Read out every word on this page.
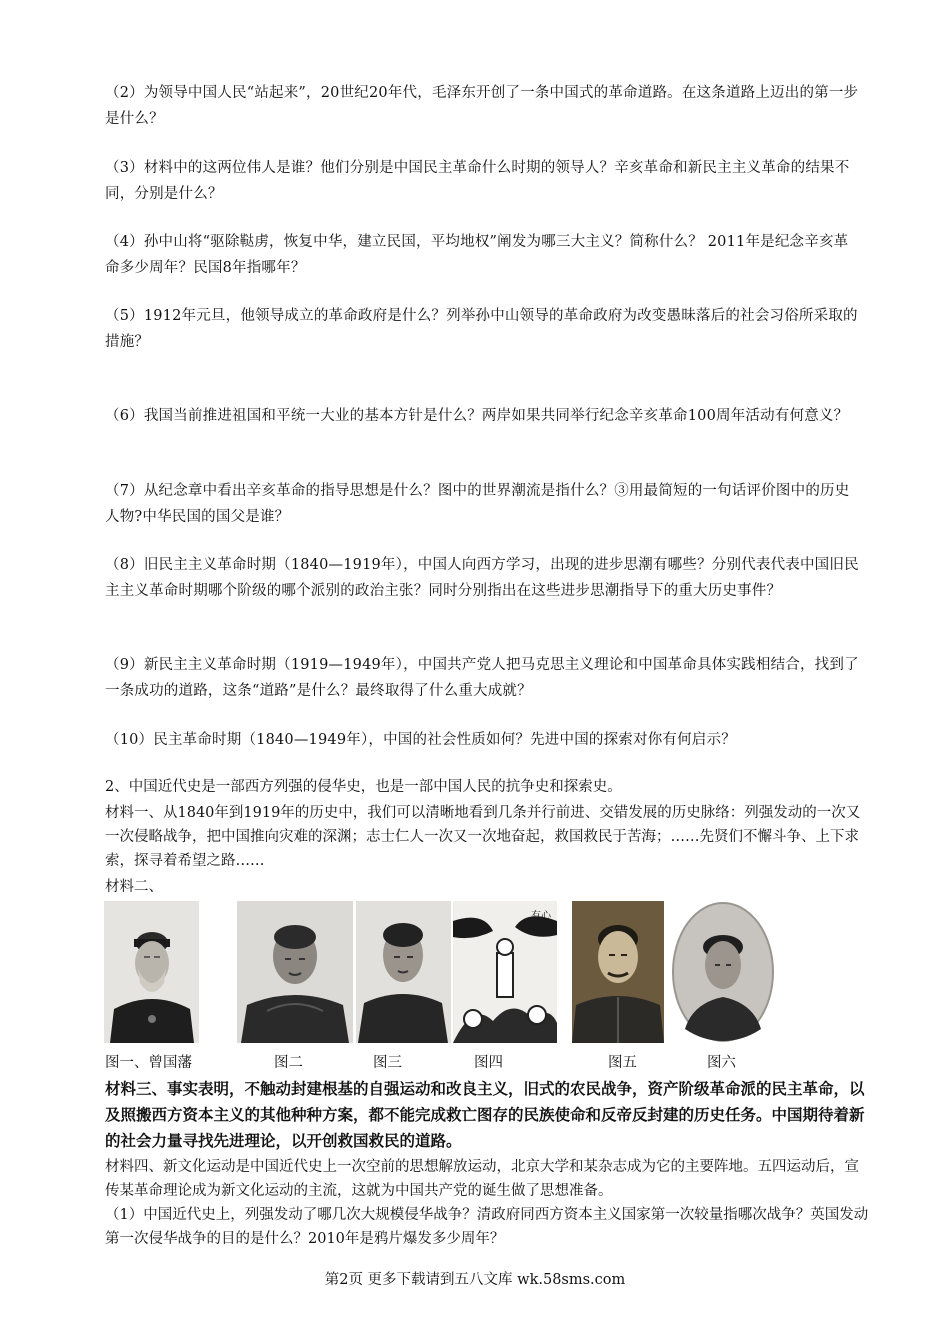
（2）为领导中国人民“站起来”，20世纪20年代，毛泽东开创了一条中国式的革命道路。在这条道路上迈出的第一步是什么？
（3）材料中的这两位伟人是谁？他们分别是中国民主革命什么时期的领导人？辛亥革命和新民主主义革命的结果不同，分别是什么？
（4）孙中山将“驱除鞑虏，恢复中华，建立民国，平均地权”阐发为哪三大主义？简称什么？ 2011年是纪念辛亥革命多少周年？民国8年指哪年？
（5）1912年元旦，他领导成立的革命政府是什么？列举孙中山领导的革命政府为改变愚昧落后的社会习俗所采取的措施？
（6）我国当前推进祖国和平统一大业的基本方针是什么？两岸如果共同举行纪念辛亥革命100周年活动有何意义？
（7）从纪念章中看出辛亥革命的指导思想是什么？图中的世界潮流是指什么？③用最简短的一句话评价图中的历史人物?中华民国的国父是谁？
（8）旧民主主义革命时期（1840—1919年），中国人向西方学习，出现的进步思潮有哪些？分别代表代表中国旧民主主义革命时期哪个阶级的哪个派别的政治主张？同时分别指出在这些进步思潮指导下的重大历史事件？
（9）新民主主义革命时期（1919—1949年），中国共产党人把马克思主义理论和中国革命具体实践相结合，找到了一条成功的道路，这条“道路”是什么？最终取得了什么重大成就？
（10）民主革命时期（1840—1949年），中国的社会性质如何？先进中国的探索对你有何启示？
2、中国近代史是一部西方列强的侵华史，也是一部中国人民的抗争史和探索史。
材料一、从1840年到1919年的历史中，我们可以清晰地看到几条并行前进、交错发展的历史脉络：列强发动的一次又一次侵略战争，把中国推向灾难的深渊；志士仁人一次又一次地奋起，救国救民于苦海；……先贤们不懈斗争、上下求索，探寻着希望之路……
材料二、
有心
图一、曾国藩	图二	图三	图四	图五	图六
材料三、事实表明，不触动封建根基的自强运动和改良主义，旧式的农民战争，资产阶级革命派的民主革命，以及照搬西方资本主义的其他种种方案，都不能完成救亡图存的民族使命和反帝反封建的历史任务。中国期待着新的社会力量寻找先进理论，以开创救国救民的道路。
材料四、新文化运动是中国近代史上一次空前的思想解放运动，北京大学和某杂志成为它的主要阵地。五四运动后，宣传某革命理论成为新文化运动的主流，这就为中国共产党的诞生做了思想准备。
（1）中国近代史上，列强发动了哪几次大规模侵华战争？清政府同西方资本主义国家第一次较量指哪次战争？英国发动第一次侵华战争的目的是什么？2010年是鸦片爆发多少周年？
第2页 更多下载请到五八文库 wk.58sms.com
